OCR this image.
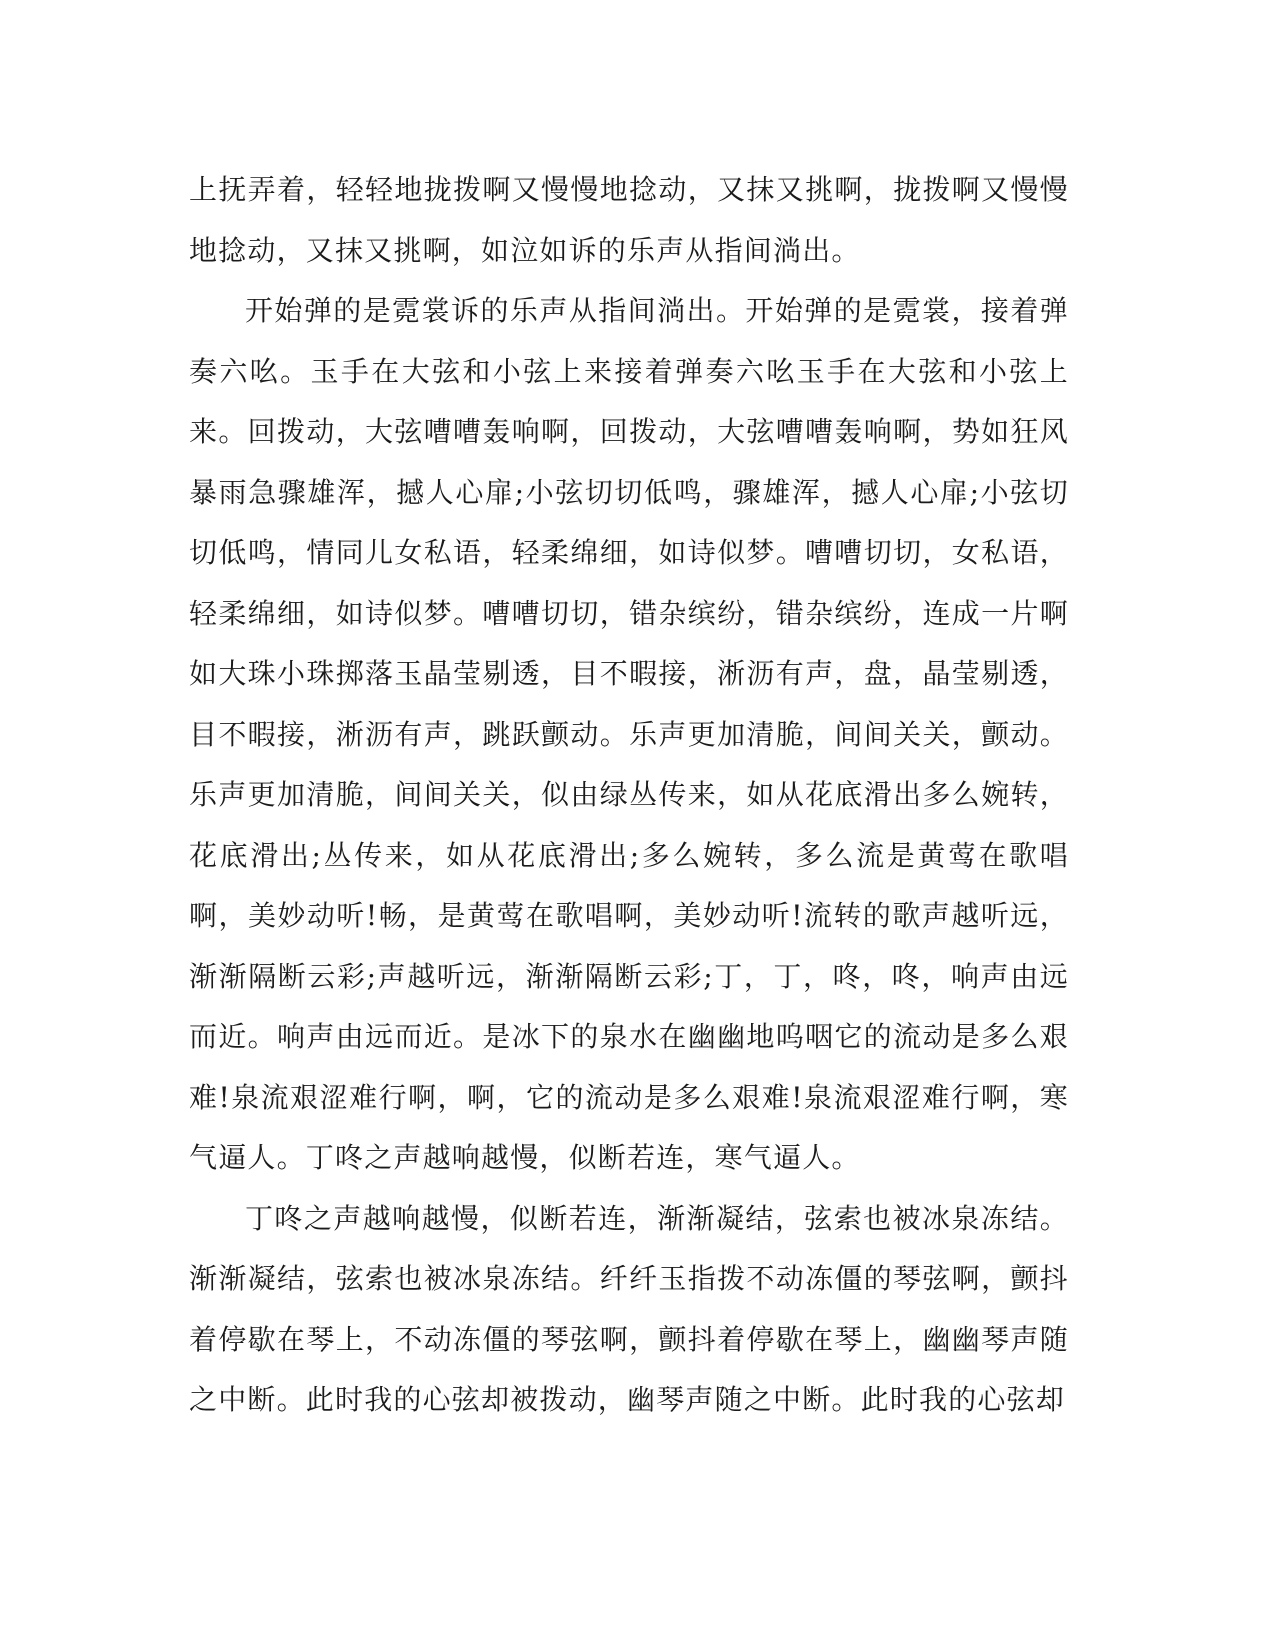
上抚弄着，轻轻地拢拨啊又慢慢地捻动，又抹又挑啊，拢拨啊又慢慢地捻动，又抹又挑啊，如泣如诉的乐声从指间淌出。

开始弹的是霓裳诉的乐声从指间淌出。开始弹的是霓裳，接着弹奏六吆。玉手在大弦和小弦上来接着弹奏六吆玉手在大弦和小弦上来。回拨动，大弦嘈嘈轰响啊，回拨动，大弦嘈嘈轰响啊，势如狂风暴雨急骤雄浑，撼人心扉;小弦切切低鸣，骤雄浑，撼人心扉;小弦切切低鸣，情同儿女私语，轻柔绵细，如诗似梦。嘈嘈切切，女私语，轻柔绵细，如诗似梦。嘈嘈切切，错杂缤纷，错杂缤纷，连成一片啊如大珠小珠掷落玉晶莹剔透，目不暇接，淅沥有声，盘，晶莹剔透，目不暇接，淅沥有声，跳跃颤动。乐声更加清脆，间间关关，颤动。乐声更加清脆，间间关关，似由绿丛传来，如从花底滑出多么婉转，花底滑出;丛传来，如从花底滑出;多么婉转，多么流是黄莺在歌唱啊，美妙动听!畅，是黄莺在歌唱啊，美妙动听!流转的歌声越听远，渐渐隔断云彩;声越听远，渐渐隔断云彩;丁，丁，咚，咚，响声由远而近。响声由远而近。是冰下的泉水在幽幽地呜咽它的流动是多么艰难!泉流艰涩难行啊，啊，它的流动是多么艰难!泉流艰涩难行啊，寒气逼人。丁咚之声越响越慢，似断若连，寒气逼人。

丁咚之声越响越慢，似断若连，渐渐凝结，弦索也被冰泉冻结。渐渐凝结，弦索也被冰泉冻结。纤纤玉指拨不动冻僵的琴弦啊，颤抖着停歇在琴上，不动冻僵的琴弦啊，颤抖着停歇在琴上，幽幽琴声随之中断。此时我的心弦却被拨动，幽琴声随之中断。此时我的心弦却
